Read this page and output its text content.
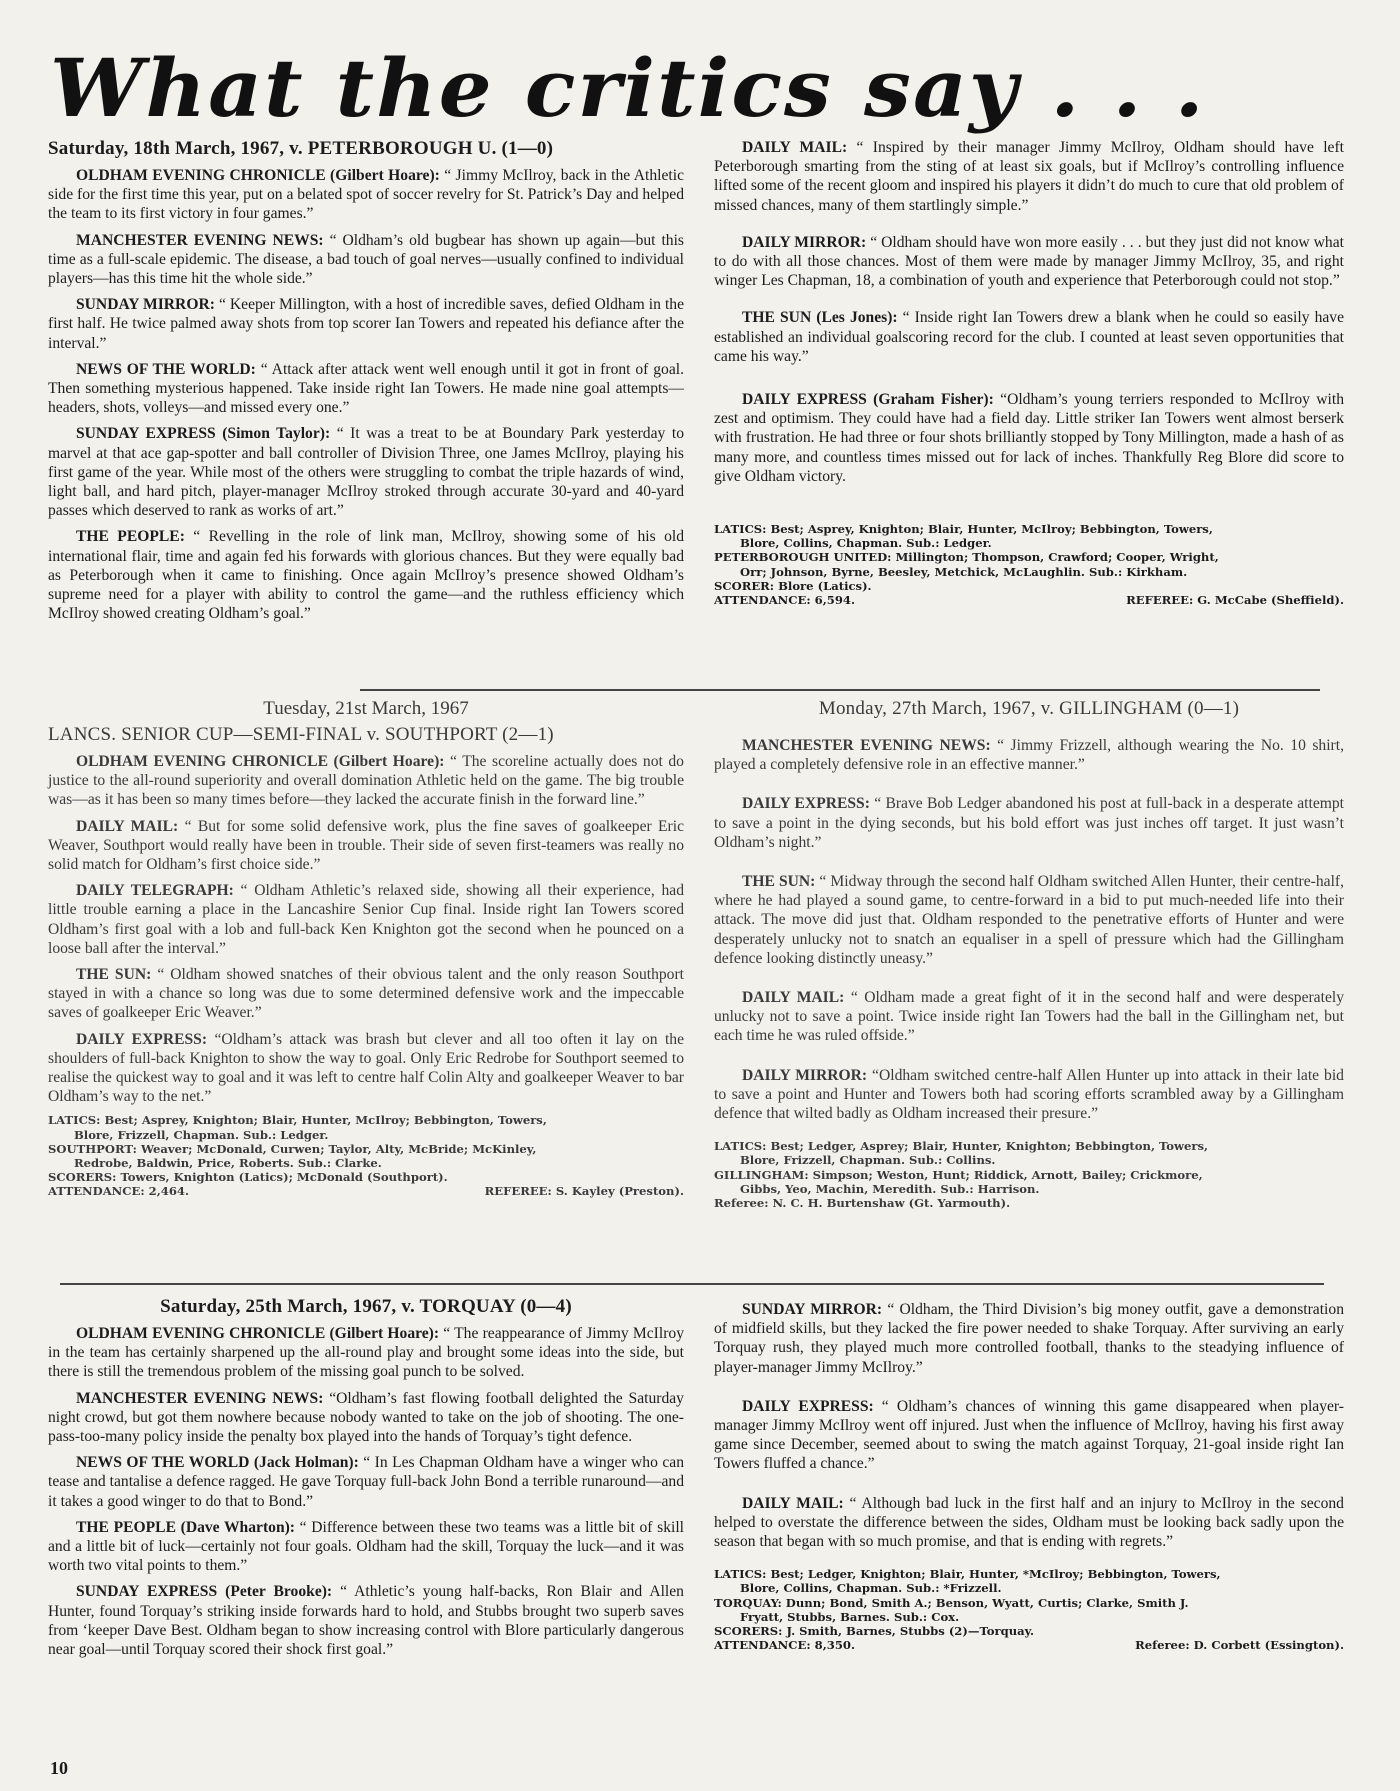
What the critics say . . .
Saturday, 18th March, 1967, v. PETERBOROUGH U. (1—0)

OLDHAM EVENING CHRONICLE (Gilbert Hoare): “ Jimmy McIlroy, back in the Athletic side for the first time this year, put on a belated spot of soccer revelry for St. Patrick’s Day and helped the team to its first victory in four games.”

MANCHESTER EVENING NEWS: “ Oldham’s old bugbear has shown up again—but this time as a full-scale epidemic. The disease, a bad touch of goal nerves—usually confined to individual players—has this time hit the whole side.”

SUNDAY MIRROR: “ Keeper Millington, with a host of incredible saves, defied Oldham in the first half. He twice palmed away shots from top scorer Ian Towers and repeated his defiance after the interval.”

NEWS OF THE WORLD: “ Attack after attack went well enough until it got in front of goal. Then something mysterious happened. Take inside right Ian Towers. He made nine goal attempts—headers, shots, volleys—and missed every one.”

SUNDAY EXPRESS (Simon Taylor): “ It was a treat to be at Boundary Park yesterday to marvel at that ace gap-spotter and ball controller of Division Three, one James McIlroy, playing his first game of the year. While most of the others were struggling to combat the triple hazards of wind, light ball, and hard pitch, player-manager McIlroy stroked through accurate 30-yard and 40-yard passes which deserved to rank as works of art.”

THE PEOPLE: “ Revelling in the role of link man, McIlroy, showing some of his old international flair, time and again fed his forwards with glorious chances. But they were equally bad as Peterborough when it came to finishing. Once again McIlroy’s presence showed Oldham’s supreme need for a player with ability to control the game—and the ruthless efficiency which McIlroy showed creating Oldham’s goal.”

DAILY MAIL: “ Inspired by their manager Jimmy McIlroy, Oldham should have left Peterborough smarting from the sting of at least six goals, but if McIlroy’s controlling influence lifted some of the recent gloom and inspired his players it didn’t do much to cure that old problem of missed chances, many of them startlingly simple.”

DAILY MIRROR: “ Oldham should have won more easily . . . but they just did not know what to do with all those chances. Most of them were made by manager Jimmy McIlroy, 35, and right winger Les Chapman, 18, a combination of youth and experience that Peterborough could not stop.”

THE SUN (Les Jones): “ Inside right Ian Towers drew a blank when he could so easily have established an individual goalscoring record for the club. I counted at least seven opportunities that came his way.”

DAILY EXPRESS (Graham Fisher): “Oldham’s young terriers responded to McIlroy with zest and optimism. They could have had a field day. Little striker Ian Towers went almost berserk with frustration. He had three or four shots brilliantly stopped by Tony Millington, made a hash of as many more, and countless times missed out for lack of inches. Thankfully Reg Blore did score to give Oldham victory.

LATICS: Best; Asprey, Knighton; Blair, Hunter, McIlroy; Bebbington, Towers,
Blore, Collins, Chapman. Sub.: Ledger.
PETERBOROUGH UNITED: Millington; Thompson, Crawford; Cooper, Wright,
Orr; Johnson, Byrne, Beesley, Metchick, McLaughlin. Sub.: Kirkham.
SCORER: Blore (Latics).
ATTENDANCE: 6,594.	REFEREE: G. McCabe (Sheffield).
Tuesday, 21st March, 1967
LANCS. SENIOR CUP—SEMI-FINAL v. SOUTHPORT (2—1)

OLDHAM EVENING CHRONICLE (Gilbert Hoare): “ The scoreline actually does not do justice to the all-round superiority and overall domination Athletic held on the game. The big trouble was—as it has been so many times before—they lacked the accurate finish in the forward line.”

DAILY MAIL: “ But for some solid defensive work, plus the fine saves of goalkeeper Eric Weaver, Southport would really have been in trouble. Their side of seven first-teamers was really no solid match for Oldham’s first choice side.”

DAILY TELEGRAPH: “ Oldham Athletic’s relaxed side, showing all their experience, had little trouble earning a place in the Lancashire Senior Cup final. Inside right Ian Towers scored Oldham’s first goal with a lob and full-back Ken Knighton got the second when he pounced on a loose ball after the interval.”

THE SUN: “ Oldham showed snatches of their obvious talent and the only reason Southport stayed in with a chance so long was due to some determined defensive work and the impeccable saves of goalkeeper Eric Weaver.”

DAILY EXPRESS: “Oldham’s attack was brash but clever and all too often it lay on the shoulders of full-back Knighton to show the way to goal. Only Eric Redrobe for Southport seemed to realise the quickest way to goal and it was left to centre half Colin Alty and goalkeeper Weaver to bar Oldham’s way to the net.”

LATICS: Best; Asprey, Knighton; Blair, Hunter, McIlroy; Bebbington, Towers,
Blore, Frizzell, Chapman. Sub.: Ledger.
SOUTHPORT: Weaver; McDonald, Curwen; Taylor, Alty, McBride; McKinley,
Redrobe, Baldwin, Price, Roberts. Sub.: Clarke.
SCORERS: Towers, Knighton (Latics); McDonald (Southport).
ATTENDANCE: 2,464.	REFEREE: S. Kayley (Preston).
Monday, 27th March, 1967, v. GILLINGHAM (0—1)

MANCHESTER EVENING NEWS: “ Jimmy Frizzell, although wearing the No. 10 shirt, played a completely defensive role in an effective manner.”

DAILY EXPRESS: “ Brave Bob Ledger abandoned his post at full-back in a desperate attempt to save a point in the dying seconds, but his bold effort was just inches off target. It just wasn’t Oldham’s night.”

THE SUN: “ Midway through the second half Oldham switched Allen Hunter, their centre-half, where he had played a sound game, to centre-forward in a bid to put much-needed life into their attack. The move did just that. Oldham responded to the penetrative efforts of Hunter and were desperately unlucky not to snatch an equaliser in a spell of pressure which had the Gillingham defence looking distinctly uneasy.”

DAILY MAIL: “ Oldham made a great fight of it in the second half and were desperately unlucky not to save a point. Twice inside right Ian Towers had the ball in the Gillingham net, but each time he was ruled offside.”

DAILY MIRROR: “Oldham switched centre-half Allen Hunter up into attack in their late bid to save a point and Hunter and Towers both had scoring efforts scrambled away by a Gillingham defence that wilted badly as Oldham increased their presure.”

LATICS: Best; Ledger, Asprey; Blair, Hunter, Knighton; Bebbington, Towers,
Blore, Frizzell, Chapman. Sub.: Collins.
GILLINGHAM: Simpson; Weston, Hunt; Riddick, Arnott, Bailey; Crickmore,
Gibbs, Yeo, Machin, Meredith. Sub.: Harrison.
Referee: N. C. H. Burtenshaw (Gt. Yarmouth).
Saturday, 25th March, 1967, v. TORQUAY (0—4)

OLDHAM EVENING CHRONICLE (Gilbert Hoare): “ The reappearance of Jimmy McIlroy in the team has certainly sharpened up the all-round play and brought some ideas into the side, but there is still the tremendous problem of the missing goal punch to be solved.

MANCHESTER EVENING NEWS: “Oldham’s fast flowing football delighted the Saturday night crowd, but got them nowhere because nobody wanted to take on the job of shooting. The one-pass-too-many policy inside the penalty box played into the hands of Torquay’s tight defence.

NEWS OF THE WORLD (Jack Holman): “ In Les Chapman Oldham have a winger who can tease and tantalise a defence ragged. He gave Torquay full-back John Bond a terrible runaround—and it takes a good winger to do that to Bond.”

THE PEOPLE (Dave Wharton): “ Difference between these two teams was a little bit of skill and a little bit of luck—certainly not four goals. Oldham had the skill, Torquay the luck—and it was worth two vital points to them.”

SUNDAY EXPRESS (Peter Brooke): “ Athletic’s young half-backs, Ron Blair and Allen Hunter, found Torquay’s striking inside forwards hard to hold, and Stubbs brought two superb saves from ‘keeper Dave Best. Oldham began to show increasing control with Blore particularly dangerous near goal—until Torquay scored their shock first goal.”

SUNDAY MIRROR: “ Oldham, the Third Division’s big money outfit, gave a demonstration of midfield skills, but they lacked the fire power needed to shake Torquay. After surviving an early Torquay rush, they played much more controlled football, thanks to the steadying influence of player-manager Jimmy McIlroy.”

DAILY EXPRESS: “ Oldham’s chances of winning this game disappeared when player-manager Jimmy McIlroy went off injured. Just when the influence of McIlroy, having his first away game since December, seemed about to swing the match against Torquay, 21-goal inside right Ian Towers fluffed a chance.”

DAILY MAIL: “ Although bad luck in the first half and an injury to McIlroy in the second helped to overstate the difference between the sides, Oldham must be looking back sadly upon the season that began with so much promise, and that is ending with regrets.”

LATICS: Best; Ledger, Knighton; Blair, Hunter, *McIlroy; Bebbington, Towers,
Blore, Collins, Chapman. Sub.: *Frizzell.
TORQUAY: Dunn; Bond, Smith A.; Benson, Wyatt, Curtis; Clarke, Smith J.
Fryatt, Stubbs, Barnes. Sub.: Cox.
SCORERS: J. Smith, Barnes, Stubbs (2)—Torquay.
ATTENDANCE: 8,350.	Referee: D. Corbett (Essington).
10
